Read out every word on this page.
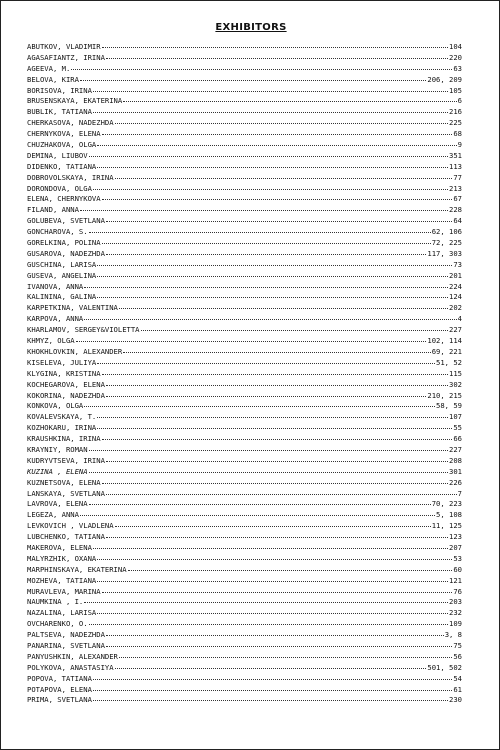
EXHIBITORS
ABUTKOV, VLADIMIR	104
AGASAFIANTZ, IRINA	220
AGEEVA, M.	63
BELOVA, KIRA	206, 209
BORISOVA, IRINA	105
BRUSENSKAYA, EKATERINA	6
BUBLIK, TATIANA	216
CHERKASOVA, NADEZHDA	225
CHERNYKOVA, ELENA	68
CHUZHAKOVA, OLGA	9
DEMINA, LIUBOV	351
DIDENKO, TATIANA	113
DOBROVOLSKAYA, IRINA	77
DORONDOVA, OLGA	213
ELENA, CHERNYKOVA	67
FILAND, ANNA	228
GOLUBEVA, SVETLANA	64
GONCHAROVA, S.	62, 106
GORELKINA, POLINA	72, 225
GUSAROVA, NADEZHDA	117, 303
GUSCHINA, LARISA	73
GUSEVA, ANGELINA	201
IVANOVA, ANNA	224
KALININA, GALINA	124
KARPETKINA, VALENTINA	202
KARPOVA, ANNA	4
KHARLAMOV, SERGEY&VIOLETTA	227
KHMYZ, OLGA	102, 114
KHOKHLOVKIN, ALEXANDER	69, 221
KISELEVA, JULIYA	51, 52
KLYGINA, KRISTINA	115
KOCHEGAROVA, ELENA	302
KOKORINA, NADEZHDA	210, 215
KONKOVA, OLGA	58, 59
KOVALEVSKAYA, T.	107
KOZHOKARU, IRINA	55
KRAUSHKINA, IRINA	66
KRAYNIY, ROMAN	227
KUDRYVTSEVA, IRINA	208
KUZINA , ELENA	301
KUZNETSOVA, ELENA	226
LANSKAYA, SVETLANA	7
LAVROVA, ELENA	70, 223
LEGEZA, ANNA	5, 108
LEVKOVICH , VLADLENA	11, 125
LUBCHENKO, TATIANA	123
MAKEROVA, ELENA	207
MALYRZHIK, OXANA	53
MARPHINSKAYA, EKATERINA	60
MOZHEVA, TATIANA	121
MURAVLEVA, MARINA	76
NAUMKINA , I.	203
NAZALINA, LARISA	232
OVCHARENKO, O.	109
PALTSEVA, NADEZHDA	3, 8
PANARINA, SVETLANA	75
PANYUSHKIN, ALEXANDER	56
POLYKOVA, ANASTASIYA	501, 502
POPOVA, TATIANA	54
POTAPOVA, ELENA	61
PRIMA, SVETLANA	230
